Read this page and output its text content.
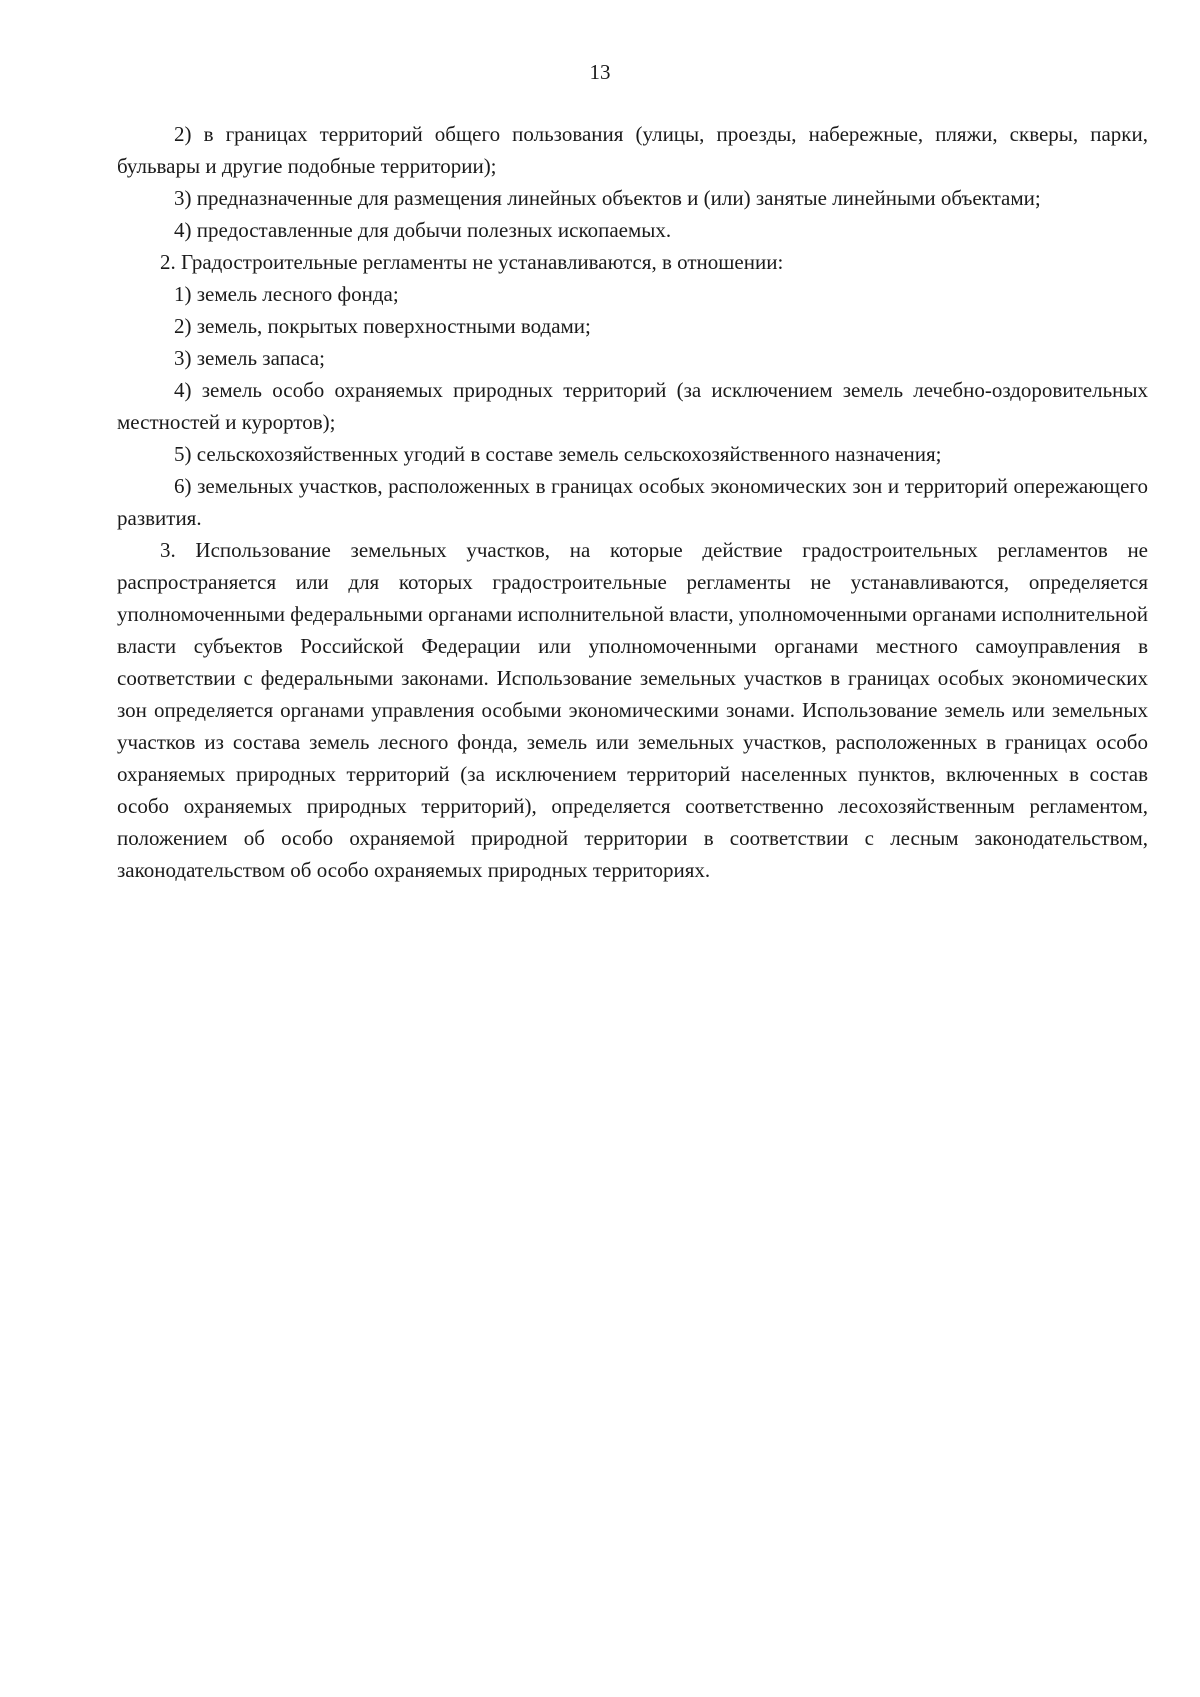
13

2) в границах территорий общего пользования (улицы, проезды, набережные, пляжи, скверы, парки, бульвары и другие подобные территории);

3) предназначенные для размещения линейных объектов и (или) занятые линейными объектами;

4) предоставленные для добычи полезных ископаемых.

2. Градостроительные регламенты не устанавливаются, в отношении:

1) земель лесного фонда;

2) земель, покрытых поверхностными водами;

3) земель запаса;

4) земель особо охраняемых природных территорий (за исключением земель лечебно-оздоровительных местностей и курортов);

5) сельскохозяйственных угодий в составе земель сельскохозяйственного назначения;

6) земельных участков, расположенных в границах особых экономических зон и территорий опережающего развития.

3. Использование земельных участков, на которые действие градостроительных регламентов не распространяется или для которых градостроительные регламенты не устанавливаются, определяется уполномоченными федеральными органами исполнительной власти, уполномоченными органами исполнительной власти субъектов Российской Федерации или уполномоченными органами местного самоуправления в соответствии с федеральными законами. Использование земельных участков в границах особых экономических зон определяется органами управления особыми экономическими зонами. Использование земель или земельных участков из состава земель лесного фонда, земель или земельных участков, расположенных в границах особо охраняемых природных территорий (за исключением территорий населенных пунктов, включенных в состав особо охраняемых природных территорий), определяется соответственно лесохозяйственным регламентом, положением об особо охраняемой природной территории в соответствии с лесным законодательством, законодательством об особо охраняемых природных территориях.
